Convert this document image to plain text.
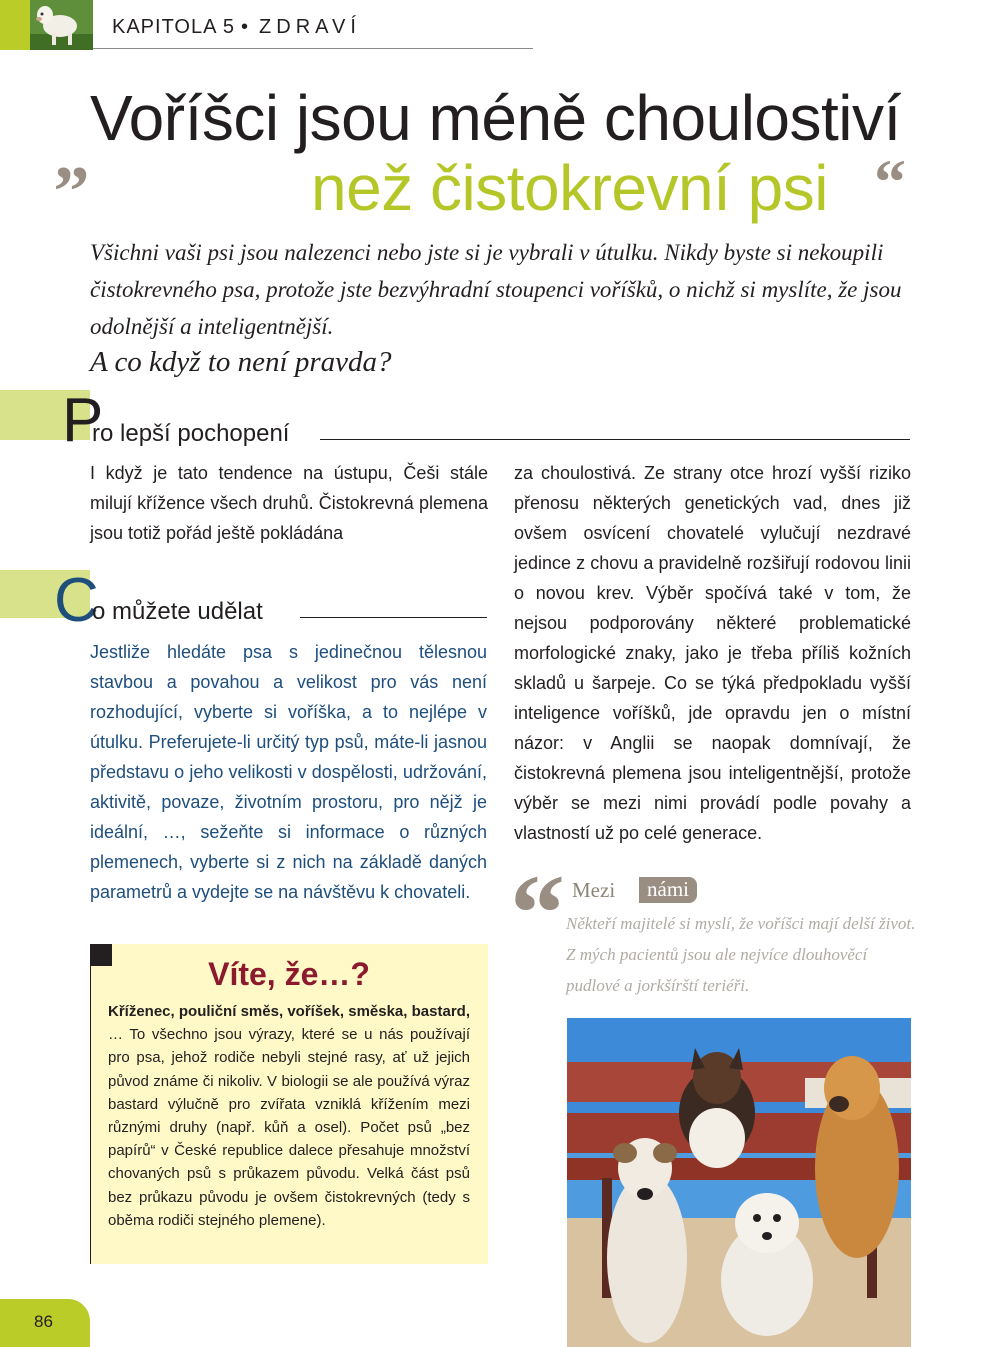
KAPITOLA 5 • ZDRAVÍ
„ Voříšci jsou méně choulostiví
než čistokrevní psi “
Všichni vaši psi jsou nalezenci nebo jste si je vybrali v útulku. Nikdy byste si nekoupili čistokrevného psa, protože jste bezvýhradní stoupenci voříšků, o nichž si myslíte, že jsou odolnější a inteligentnější.
A co když to není pravda?
P
ro lepší pochopení
I když je tato tendence na ústupu, Češi stále milují křížence všech druhů. Čistokrevná plemena jsou totiž pořád ještě pokládána
za choulostivá. Ze strany otce hrozí vyšší riziko přenosu některých genetických vad, dnes již ovšem osvícení chovatelé vylučují nezdravé jedince z chovu a pravidelně rozšiřují rodovou linii o novou krev. Výběr spočívá také v tom, že nejsou podporovány některé problematické morfologické znaky, jako je třeba příliš kožních skladů u šarpeje. Co se týká předpokladu vyšší inteligence voříšků, jde opravdu jen o místní názor: v Anglii se naopak domnívají, že čistokrevná plemena jsou inteligentnější, protože výběr se mezi nimi provádí podle povahy a vlastností už po celé generace.
C
o můžete udělat
Jestliže hledáte psa s jedinečnou tělesnou stavbou a povahou a velikost pro vás není rozhodující, vyberte si voříška, a to nejlépe v útulku. Preferujete-li určitý typ psů, máte-li jasnou představu o jeho velikosti v dospělosti, udržování, aktivitě, povaze, životním prostoru, pro nějž je ideální, …, sežeňte si informace o různých plemenech, vyberte si z nich na základě daných parametrů a vydejte se na návštěvu k chovateli. “ Mezi	námi
Někteří majitelé si myslí, že voříšci mají delší život. Z mých pacientů jsou ale nejvíce dlouhověcí pudlové a jorkšírští teriéři.
Víte, že…?
Kříženec, pouliční směs, voříšek, směska, bastard, … To všechno jsou výrazy, které se u nás používají pro psa, jehož rodiče nebyli stejné rasy, ať už jejich původ známe či nikoliv. V biologii se ale používá výraz bastard výlučně pro zvířata vzniklá křížením mezi různými druhy (např. kůň a osel). Počet psů „bez papírů“ v České republice dalece přesahuje množství chovaných psů s průkazem původu. Velká část psů bez průkazu původu je ovšem čistokrevných (tedy s oběma rodiči stejného plemene).
86
